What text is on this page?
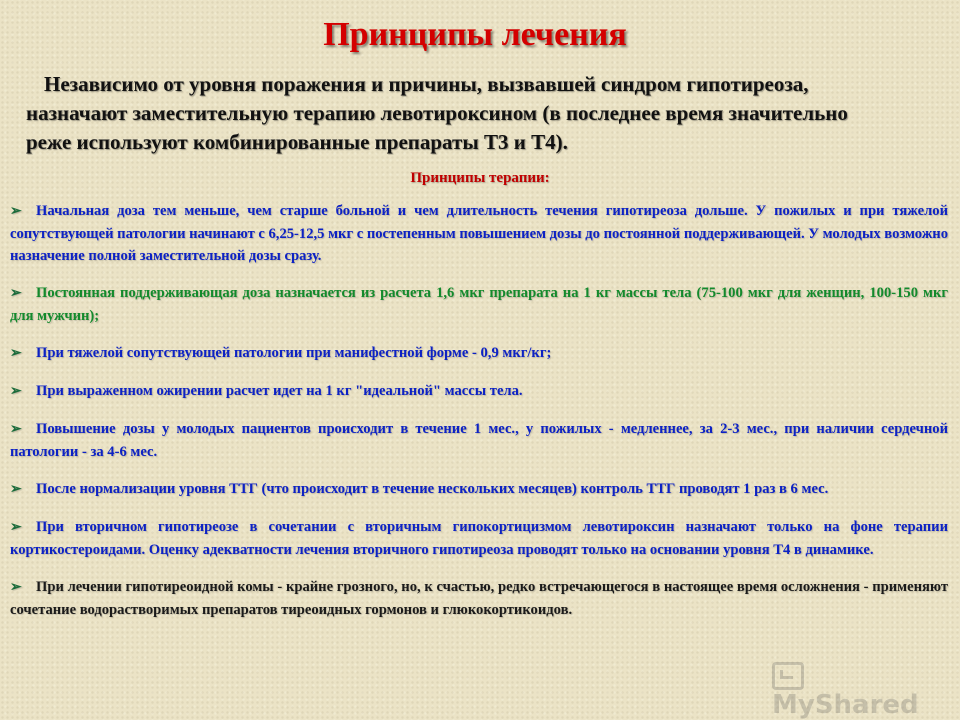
Принципы лечения
Независимо от уровня поражения и причины, вызвавшей синдром гипотиреоза,
назначают заместительную терапию левотироксином (в последнее время значительно
реже используют комбинированные препараты Т3 и Т4).
Принципы терапии:
➢ Начальная доза тем меньше, чем старше больной и чем длительность течения гипотиреоза дольше. У пожилых и при тяжелой сопутствующей патологии начинают с 6,25-12,5 мкг с постепенным повышением дозы до постоянной поддерживающей. У молодых возможно назначение полной заместительной дозы сразу.
➢ Постоянная поддерживающая доза назначается из расчета 1,6 мкг препарата на 1 кг массы тела (75-100 мкг для женщин, 100-150 мкг для мужчин);
➢ При тяжелой сопутствующей патологии при манифестной форме - 0,9 мкг/кг;
➢ При выраженном ожирении расчет идет на 1 кг "идеальной" массы тела.
➢ Повышение дозы у молодых пациентов происходит в течение 1 мес., у пожилых - медленнее, за 2-3 мес., при наличии сердечной патологии - за 4-6 мес.
➢ После нормализации уровня ТТГ (что происходит в течение нескольких месяцев) контроль ТТГ проводят 1 раз в 6 мес.
➢ При вторичном гипотиреозе в сочетании с вторичным гипокортицизмом левотироксин назначают только на фоне терапии кортикостероидами. Оценку адекватности лечения вторичного гипотиреоза проводят только на основании уровня Т4 в динамике.
➢ При лечении гипотиреоидной комы - крайне грозного, но, к счастью, редко встречающегося в настоящее время осложнения - применяют сочетание водорастворимых препаратов тиреоидных гормонов и глюкокортикоидов.
MyShared
